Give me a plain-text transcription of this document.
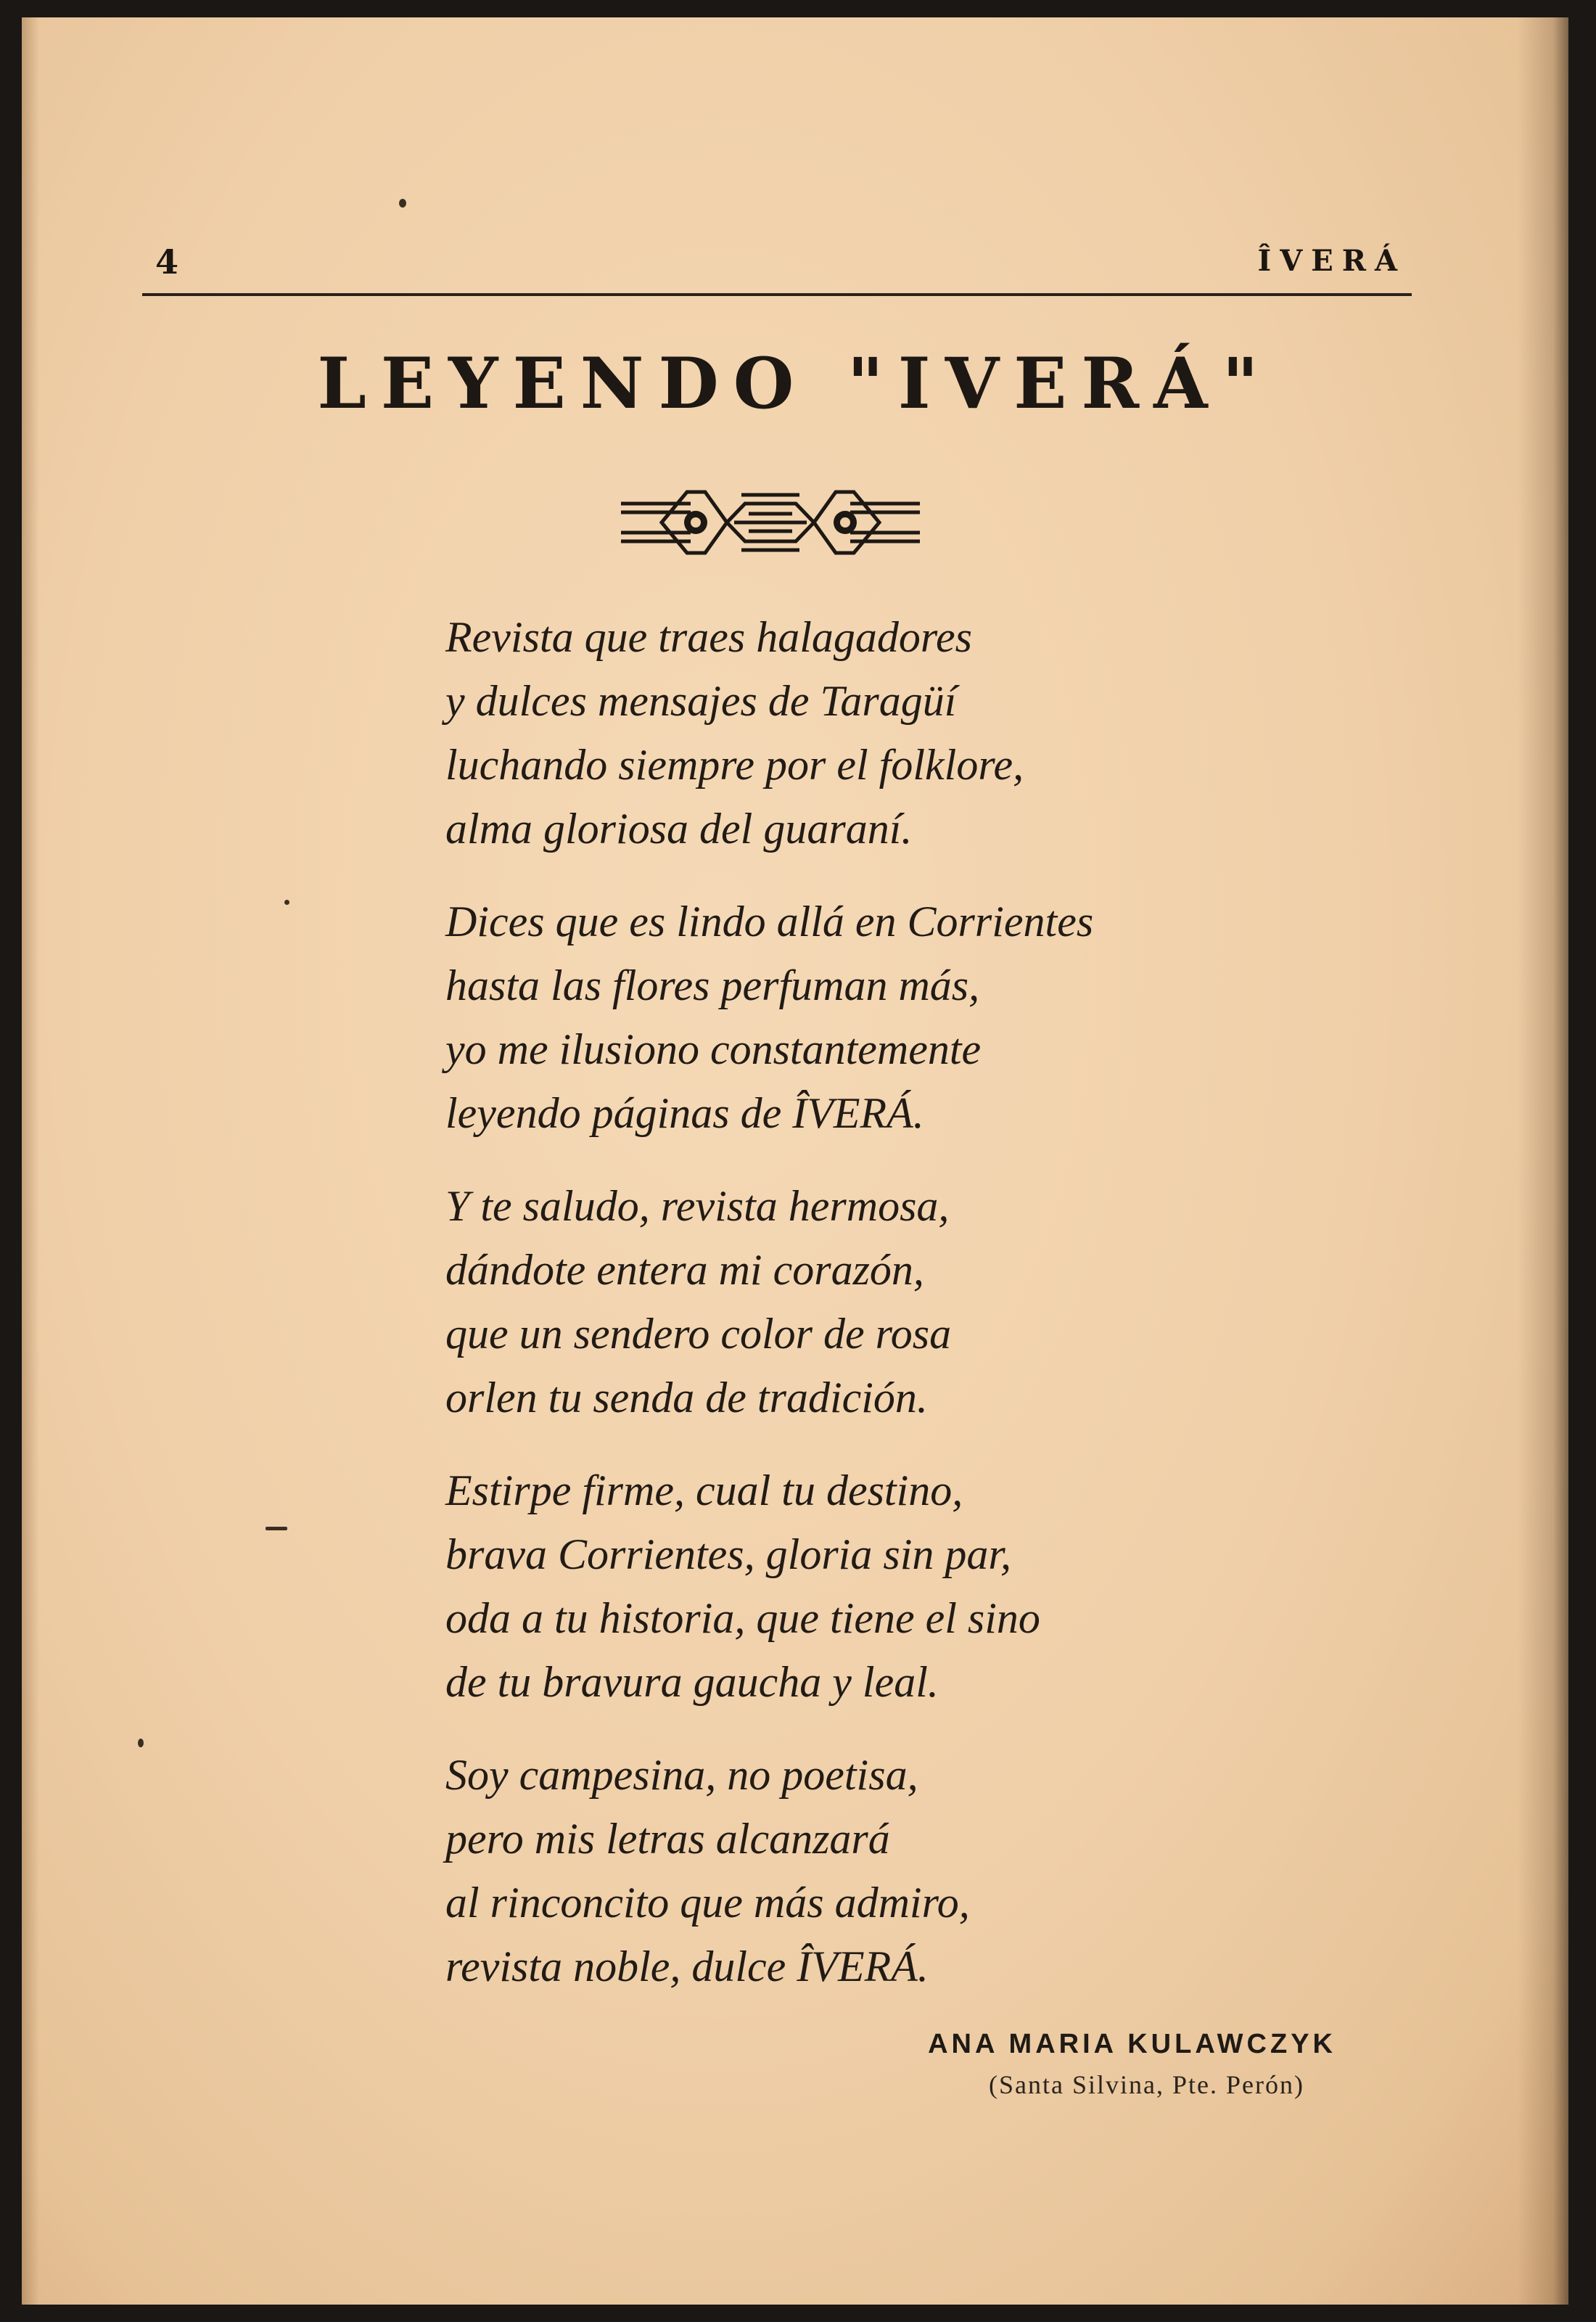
4	ÎVERÁ
LEYENDO "IVERÁ"
Revista que traes halagadores
y dulces mensajes de Taragüí
luchando siempre por el folklore,
alma gloriosa del guaraní.
Dices que es lindo allá en Corrientes
hasta las flores perfuman más,
yo me ilusiono constantemente
leyendo páginas de ÎVERÁ.
Y te saludo, revista hermosa,
dándote entera mi corazón,
que un sendero color de rosa
orlen tu senda de tradición.
Estirpe firme, cual tu destino,
brava Corrientes, gloria sin par,
oda a tu historia, que tiene el sino
de tu bravura gaucha y leal.
Soy campesina, no poetisa,
pero mis letras alcanzará
al rinconcito que más admiro,
revista noble, dulce ÎVERÁ.
ANA MARIA KULAWCZYK
(Santa Silvina, Pte. Perón)
